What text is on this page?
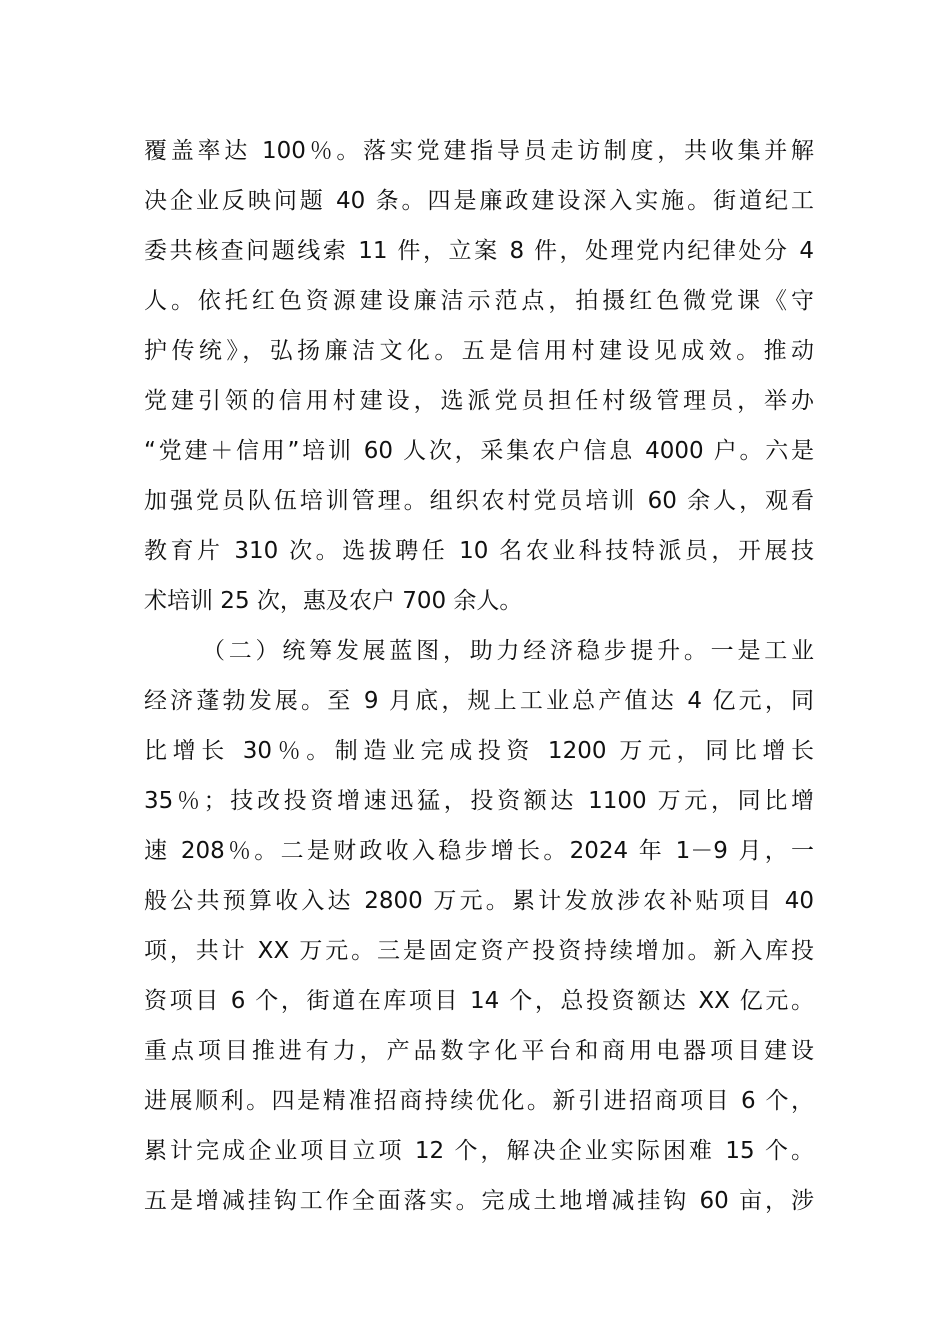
覆盖率达 100％。落实党建指导员走访制度，共收集并解
决企业反映问题 40 条。四是廉政建设深入实施。街道纪工
委共核查问题线索 11 件，立案 8 件，处理党内纪律处分 4
人。依托红色资源建设廉洁示范点，拍摄红色微党课《守
护传统》，弘扬廉洁文化。五是信用村建设见成效。推动
党建引领的信用村建设，选派党员担任村级管理员，举办
“党建＋信用”培训 60 人次，采集农户信息 4000 户。六是
加强党员队伍培训管理。组织农村党员培训 60 余人，观看
教育片 310 次。选拔聘任 10 名农业科技特派员，开展技
术培训 25 次，惠及农户 700 余人。
（二）统筹发展蓝图，助力经济稳步提升。一是工业
经济蓬勃发展。至 9 月底，规上工业总产值达 4 亿元，同
比增长 30％。制造业完成投资 1200 万元，同比增长
35％；技改投资增速迅猛，投资额达 1100 万元，同比增
速 208％。二是财政收入稳步增长。2024 年 1－9 月，一
般公共预算收入达 2800 万元。累计发放涉农补贴项目 40
项，共计 XX 万元。三是固定资产投资持续增加。新入库投
资项目 6 个，街道在库项目 14 个，总投资额达 XX 亿元。
重点项目推进有力，产品数字化平台和商用电器项目建设
进展顺利。四是精准招商持续优化。新引进招商项目 6 个，
累计完成企业项目立项 12 个，解决企业实际困难 15 个。
五是增减挂钩工作全面落实。完成土地增减挂钩 60 亩，涉
